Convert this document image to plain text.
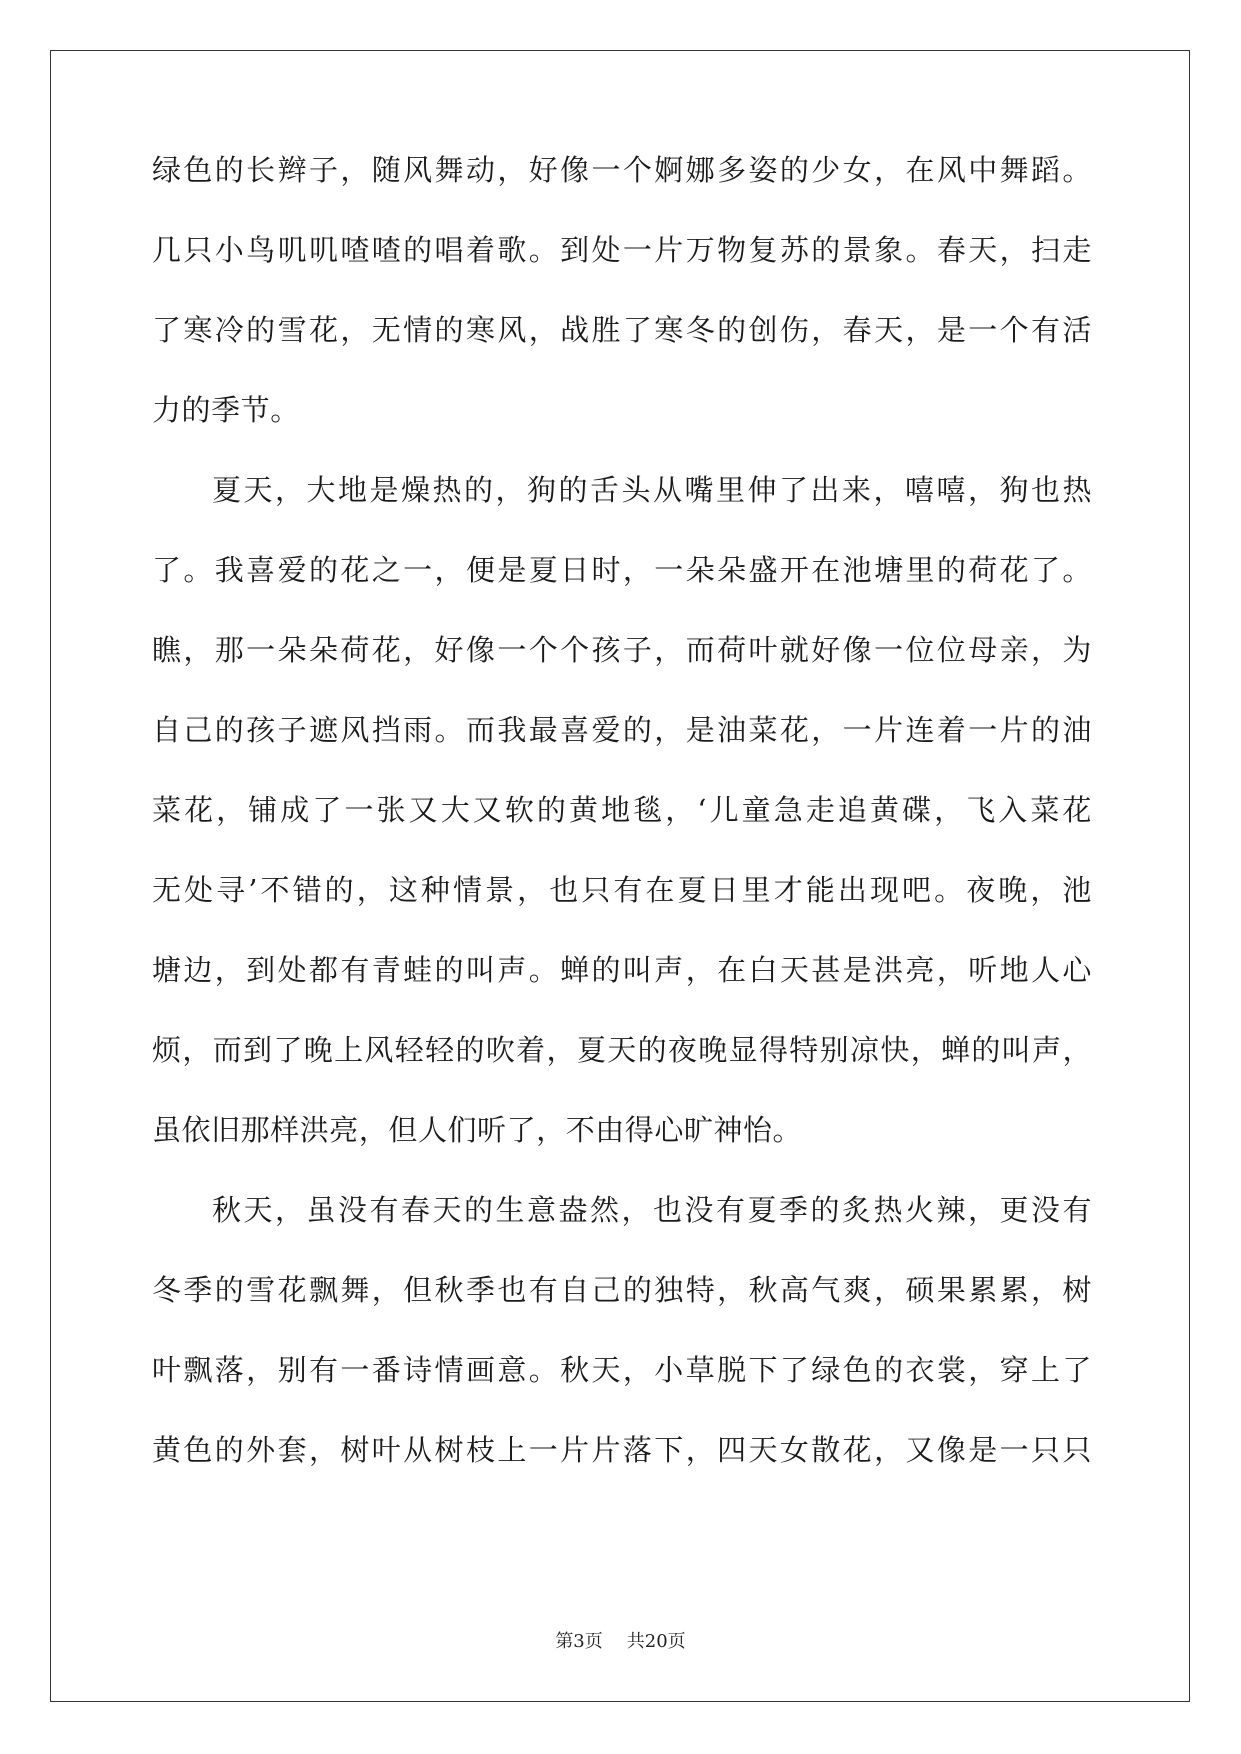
绿色的长辫子，随风舞动，好像一个婀娜多姿的少女，在风中舞蹈。
几只小鸟叽叽喳喳的唱着歌。到处一片万物复苏的景象。春天，扫走
了寒冷的雪花，无情的寒风，战胜了寒冬的创伤，春天，是一个有活
力的季节。
夏天，大地是燥热的，狗的舌头从嘴里伸了出来，嘻嘻，狗也热
了。我喜爱的花之一，便是夏日时，一朵朵盛开在池塘里的荷花了。
瞧，那一朵朵荷花，好像一个个孩子，而荷叶就好像一位位母亲，为
自己的孩子遮风挡雨。而我最喜爱的，是油菜花，一片连着一片的油
菜花，铺成了一张又大又软的黄地毯，‘儿童急走追黄碟，飞入菜花
无处寻’不错的，这种情景，也只有在夏日里才能出现吧。夜晚，池
塘边，到处都有青蛙的叫声。蝉的叫声，在白天甚是洪亮，听地人心
烦，而到了晚上风轻轻的吹着，夏天的夜晚显得特别凉快，蝉的叫声，
虽依旧那样洪亮，但人们听了，不由得心旷神怡。
秋天，虽没有春天的生意盎然，也没有夏季的炙热火辣，更没有
冬季的雪花飘舞，但秋季也有自己的独特，秋高气爽，硕果累累，树
叶飘落，别有一番诗情画意。秋天，小草脱下了绿色的衣裳，穿上了
黄色的外套，树叶从树枝上一片片落下，四天女散花，又像是一只只
第3页 共20页
